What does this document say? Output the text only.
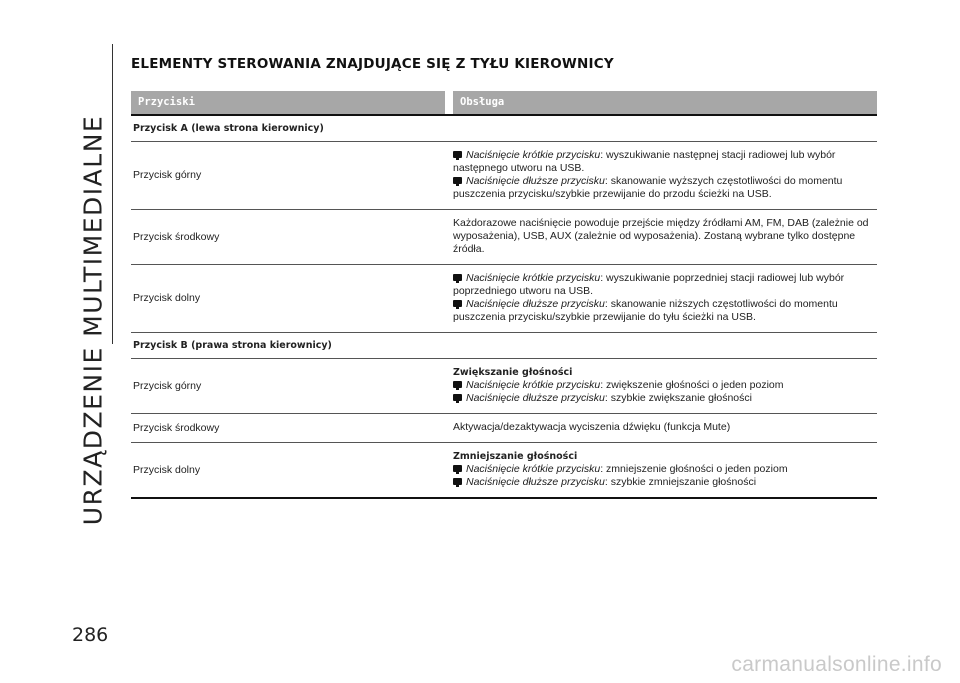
URZĄDZENIE MULTIMEDIALNE
286
ELEMENTY STEROWANIA ZNAJDUJĄCE SIĘ Z TYŁU KIEROWNICY
Przyciski	Obsługa
Przycisk A (lewa strona kierownicy)
Przycisk górny
Naciśnięcie krótkie przycisku: wyszukiwanie następnej stacji radiowej lub wybór następnego utworu na USB.
Naciśnięcie dłuższe przycisku: skanowanie wyższych częstotliwości do momentu puszczenia przycisku/szybkie przewijanie do przodu ścieżki na USB.
Przycisk środkowy
Każdorazowe naciśnięcie powoduje przejście między źródłami AM, FM, DAB (zależnie od wyposażenia), USB, AUX (zależnie od wyposażenia). Zostaną wybrane tylko dostępne źródła.
Przycisk dolny
Naciśnięcie krótkie przycisku: wyszukiwanie poprzedniej stacji radiowej lub wybór poprzedniego utworu na USB.
Naciśnięcie dłuższe przycisku: skanowanie niższych częstotliwości do momentu puszczenia przycisku/szybkie przewijanie do tyłu ścieżki na USB.
Przycisk B (prawa strona kierownicy)
Przycisk górny
Zwiększanie głośności
Naciśnięcie krótkie przycisku: zwiększenie głośności o jeden poziom
Naciśnięcie dłuższe przycisku: szybkie zwiększanie głośności
Przycisk środkowy	Aktywacja/dezaktywacja wyciszenia dźwięku (funkcja Mute)
Przycisk dolny
Zmniejszanie głośności
Naciśnięcie krótkie przycisku: zmniejszenie głośności o jeden poziom
Naciśnięcie dłuższe przycisku: szybkie zmniejszanie głośności
carmanualsonline.info
